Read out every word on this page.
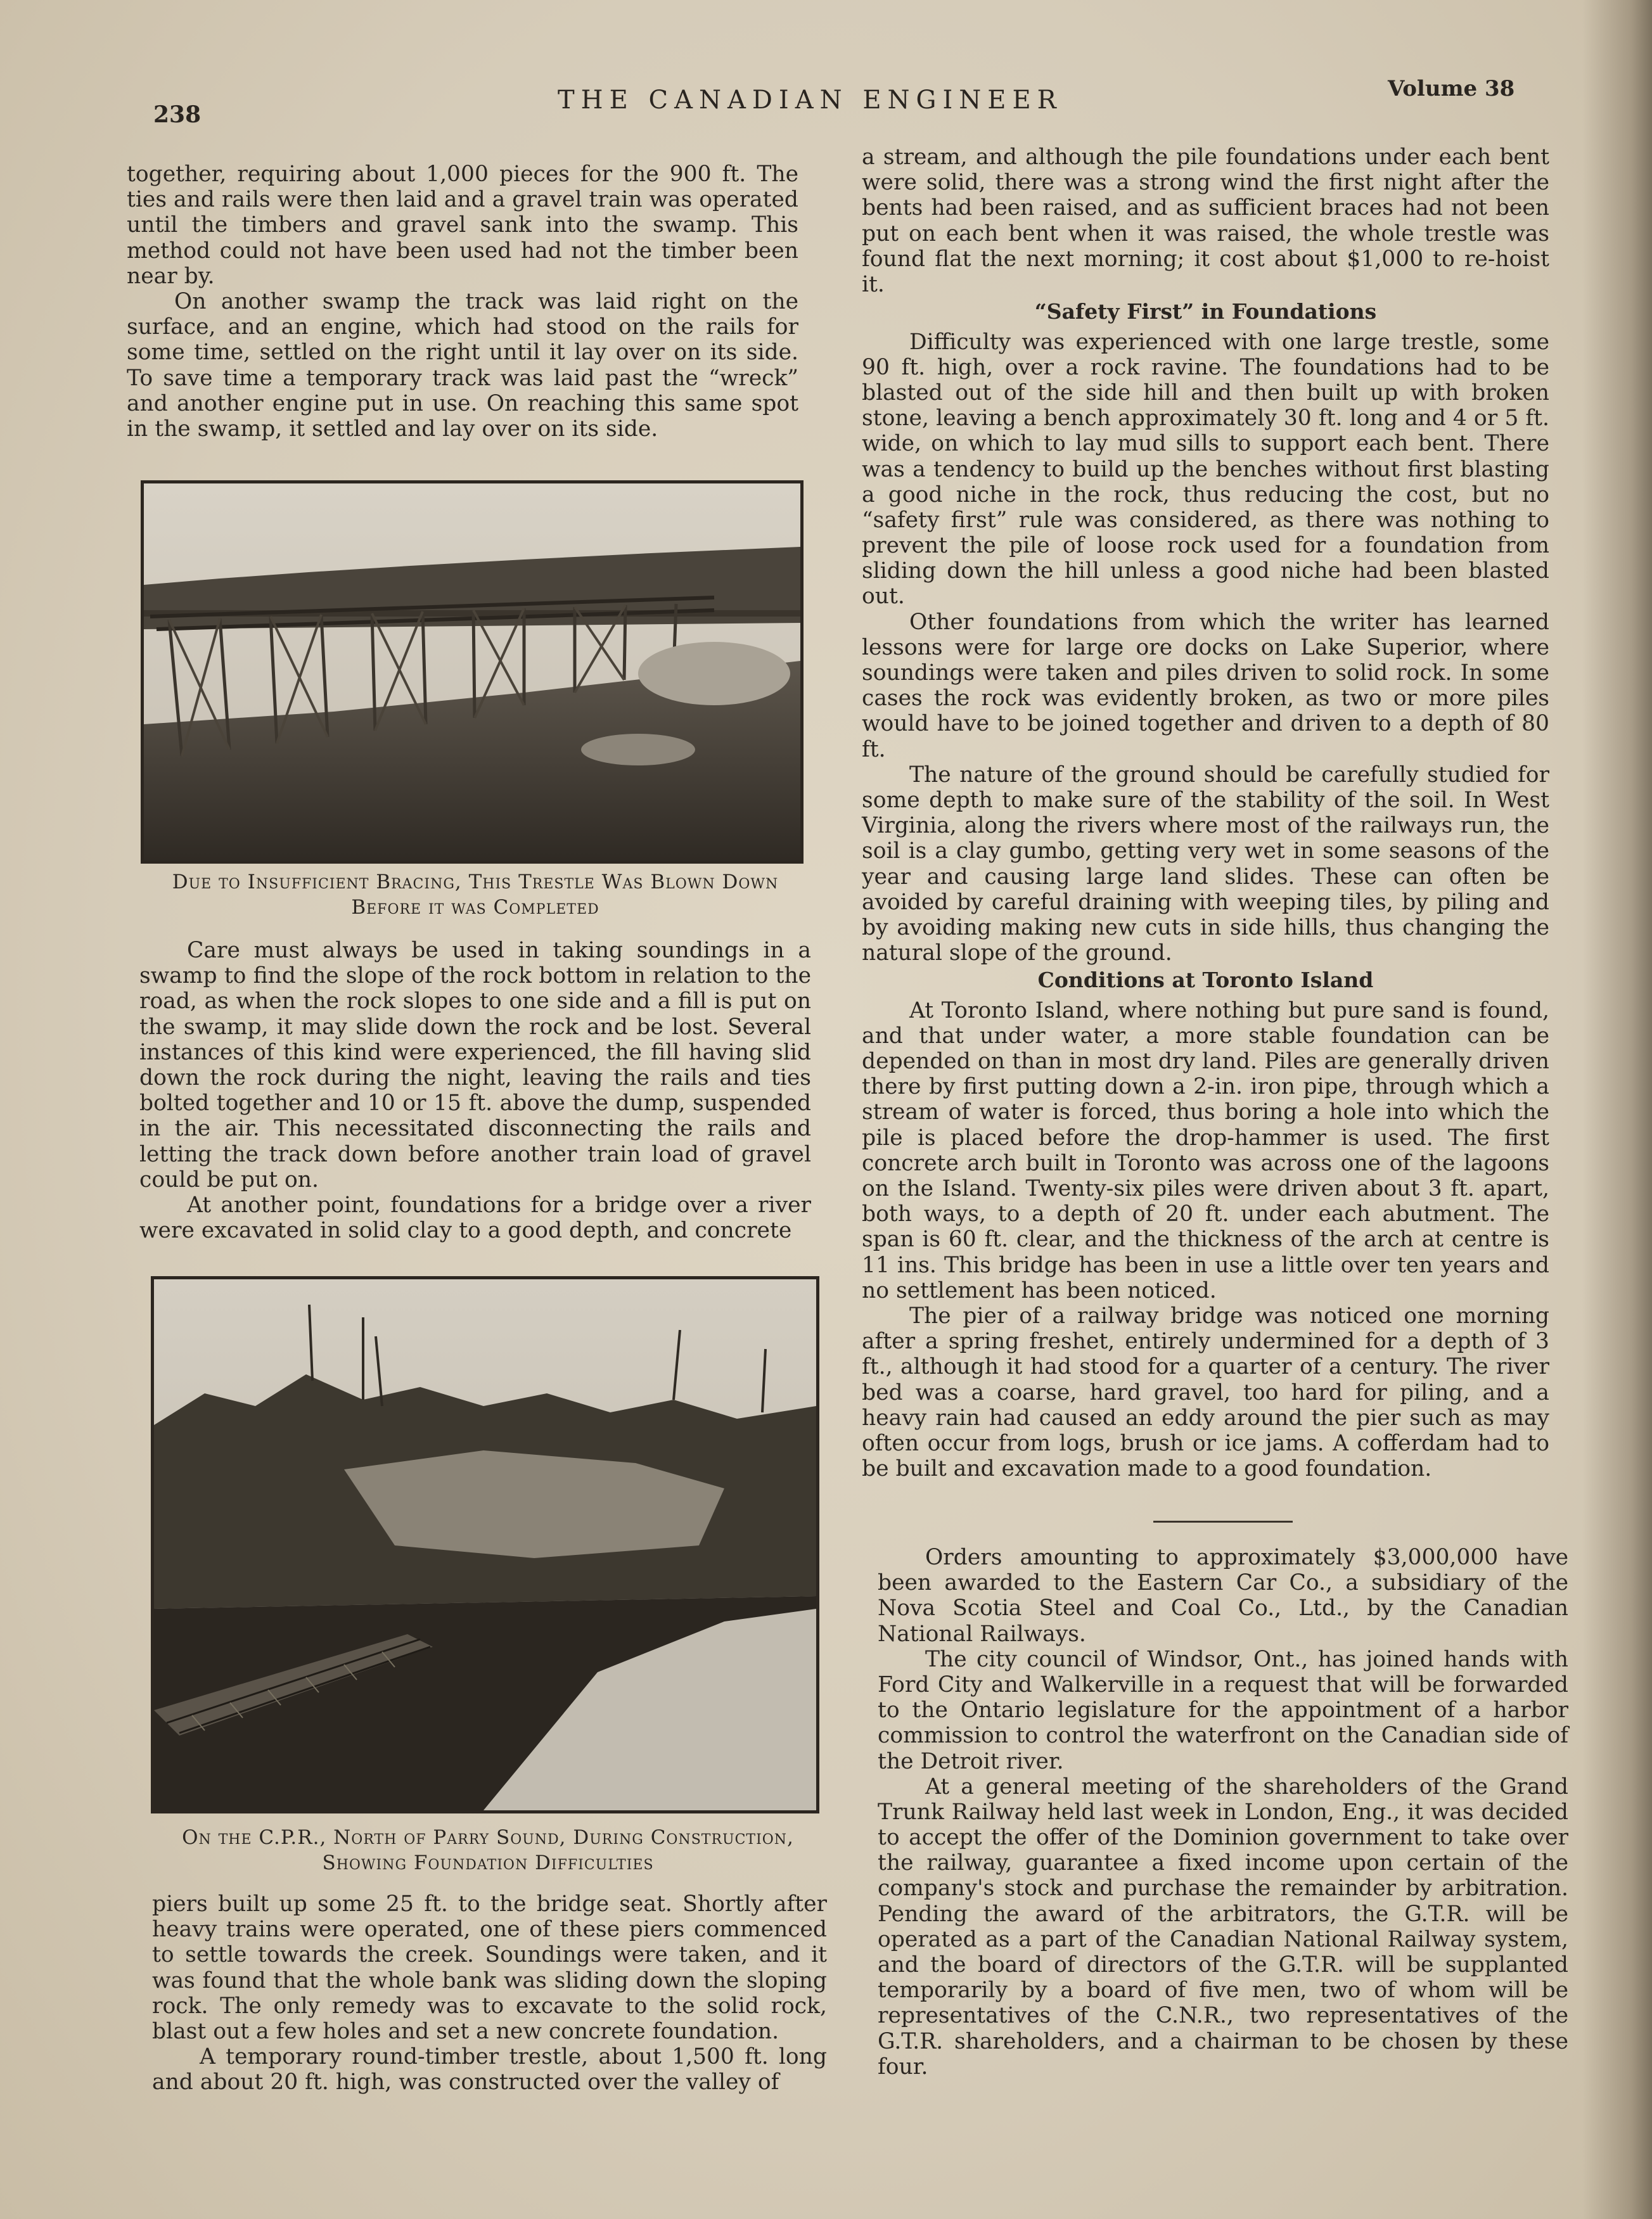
238	THE CANADIAN ENGINEER	Volume 38

together, requiring about 1,000 pieces for the 900 ft. The ties and rails were then laid and a gravel train was operated until the timbers and gravel sank into the swamp. This method could not have been used had not the timber been near by.

On another swamp the track was laid right on the surface, and an engine, which had stood on the rails for some time, settled on the right until it lay over on its side. To save time a temporary track was laid past the “wreck” and another engine put in use. On reaching this same spot in the swamp, it settled and lay over on its side.

Due to Insufficient Bracing, This Trestle Was Blown Down Before it was Completed

Care must always be used in taking soundings in a swamp to find the slope of the rock bottom in relation to the road, as when the rock slopes to one side and a fill is put on the swamp, it may slide down the rock and be lost. Several instances of this kind were experienced, the fill having slid down the rock during the night, leaving the rails and ties bolted together and 10 or 15 ft. above the dump, suspended in the air. This necessitated disconnecting the rails and letting the track down before another train load of gravel could be put on.

At another point, foundations for a bridge over a river were excavated in solid clay to a good depth, and concrete

On the C.P.R., North of Parry Sound, During Construction, Showing Foundation Difficulties

piers built up some 25 ft. to the bridge seat. Shortly after heavy trains were operated, one of these piers commenced to settle towards the creek. Soundings were taken, and it was found that the whole bank was sliding down the sloping rock. The only remedy was to excavate to the solid rock, blast out a few holes and set a new concrete foundation.

A temporary round-timber trestle, about 1,500 ft. long and about 20 ft. high, was constructed over the valley of

a stream, and although the pile foundations under each bent were solid, there was a strong wind the first night after the bents had been raised, and as sufficient braces had not been put on each bent when it was raised, the whole trestle was found flat the next morning; it cost about $1,000 to re-hoist it.

“Safety First” in Foundations

Difficulty was experienced with one large trestle, some 90 ft. high, over a rock ravine. The foundations had to be blasted out of the side hill and then built up with broken stone, leaving a bench approximately 30 ft. long and 4 or 5 ft. wide, on which to lay mud sills to support each bent. There was a tendency to build up the benches without first blasting a good niche in the rock, thus reducing the cost, but no “safety first” rule was considered, as there was nothing to prevent the pile of loose rock used for a foundation from sliding down the hill unless a good niche had been blasted out.

Other foundations from which the writer has learned lessons were for large ore docks on Lake Superior, where soundings were taken and piles driven to solid rock. In some cases the rock was evidently broken, as two or more piles would have to be joined together and driven to a depth of 80 ft.

The nature of the ground should be carefully studied for some depth to make sure of the stability of the soil. In West Virginia, along the rivers where most of the railways run, the soil is a clay gumbo, getting very wet in some seasons of the year and causing large land slides. These can often be avoided by careful draining with weeping tiles, by piling and by avoiding making new cuts in side hills, thus changing the natural slope of the ground.

Conditions at Toronto Island

At Toronto Island, where nothing but pure sand is found, and that under water, a more stable foundation can be depended on than in most dry land. Piles are generally driven there by first putting down a 2-in. iron pipe, through which a stream of water is forced, thus boring a hole into which the pile is placed before the drop-hammer is used. The first concrete arch built in Toronto was across one of the lagoons on the Island. Twenty-six piles were driven about 3 ft. apart, both ways, to a depth of 20 ft. under each abutment. The span is 60 ft. clear, and the thickness of the arch at centre is 11 ins. This bridge has been in use a little over ten years and no settlement has been noticed.

The pier of a railway bridge was noticed one morning after a spring freshet, entirely undermined for a depth of 3 ft., although it had stood for a quarter of a century. The river bed was a coarse, hard gravel, too hard for piling, and a heavy rain had caused an eddy around the pier such as may often occur from logs, brush or ice jams. A cofferdam had to be built and excavation made to a good foundation.

Orders amounting to approximately $3,000,000 have been awarded to the Eastern Car Co., a subsidiary of the Nova Scotia Steel and Coal Co., Ltd., by the Canadian National Railways.

The city council of Windsor, Ont., has joined hands with Ford City and Walkerville in a request that will be forwarded to the Ontario legislature for the appointment of a harbor commission to control the waterfront on the Canadian side of the Detroit river.

At a general meeting of the shareholders of the Grand Trunk Railway held last week in London, Eng., it was decided to accept the offer of the Dominion government to take over the railway, guarantee a fixed income upon certain of the company's stock and purchase the remainder by arbitration. Pending the award of the arbitrators, the G.T.R. will be operated as a part of the Canadian National Railway system, and the board of directors of the G.T.R. will be supplanted temporarily by a board of five men, two of whom will be representatives of the C.N.R., two representatives of the G.T.R. shareholders, and a chairman to be chosen by these four.
